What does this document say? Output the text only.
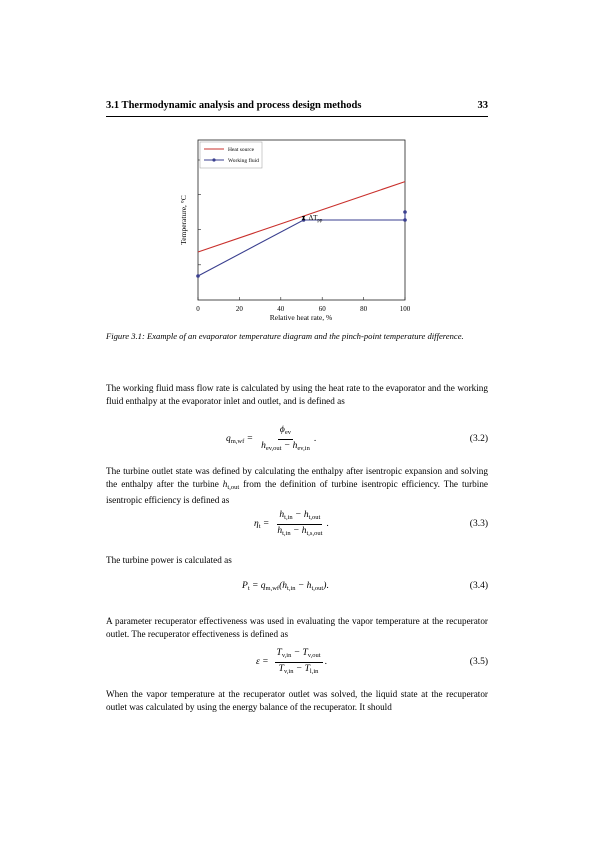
3.1 Thermodynamic analysis and process design methods	33
$\Delta T_{pp}$
Heat source
Working fluid
Temperature, °C
Relative heat rate, %
0	20	40	60	80	100
Figure 3.1: Example of an evaporator temperature diagram and the pinch-point temperature difference.
The working fluid mass flow rate is calculated by using the heat rate to the evaporator and the working fluid enthalpy at the evaporator inlet and outlet, and is defined as
$q_{m,wf} = \frac{\phi_{ev}}{h_{ev,out} - h_{ev,in}}$ .	(3.2)
The turbine outlet state was defined by calculating the enthalpy after isentropic expansion and solving the enthalpy after the turbine $h_{t,out}$ from the definition of turbine isentropic efficiency. The turbine isentropic efficiency is defined as
$\eta_t = \frac{h_{t,in} - h_{t,out}}{h_{t,in} - h_{t,s,out}}$ .	(3.3)
The turbine power is calculated as
$P_t = q_{m,wf}(h_{t,in} - h_{t,out})$ .	(3.4)
A parameter recuperator effectiveness was used in evaluating the vapor temperature at the recuperator outlet. The recuperator effectiveness is defined as
$\varepsilon = \frac{T_{v,in} - T_{v,out}}{T_{v,in} - T_{l,in}}$ .	(3.5)
When the vapor temperature at the recuperator outlet was solved, the liquid state at the recuperator outlet was calculated by using the energy balance of the recuperator. It should
